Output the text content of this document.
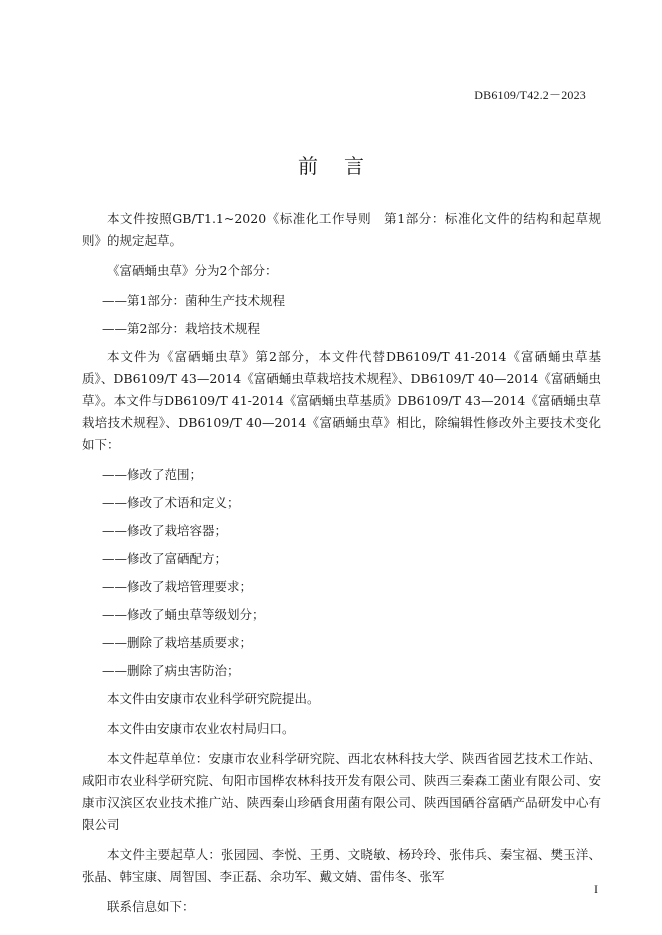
DB6109/T42.2－2023
前言

本文件按照GB/T1.1~2020《标准化工作导则　第1部分：标准化文件的结构和起草规则》的规定起草。

《富硒蛹虫草》分为2个部分：

——第1部分：菌种生产技术规程

——第2部分：栽培技术规程

本文件为《富硒蛹虫草》第2部分，本文件代替DB6109/T 41-2014《富硒蛹虫草基质》、DB6109/T 43—2014《富硒蛹虫草栽培技术规程》、DB6109/T 40—2014《富硒蛹虫草》。本文件与DB6109/T 41-2014《富硒蛹虫草基质》DB6109/T 43—2014《富硒蛹虫草栽培技术规程》、DB6109/T 40—2014《富硒蛹虫草》相比，除编辑性修改外主要技术变化如下：

——修改了范围；

——修改了术语和定义；

——修改了栽培容器；

——修改了富硒配方；

——修改了栽培管理要求；

——修改了蛹虫草等级划分；

——删除了栽培基质要求；

——删除了病虫害防治；

本文件由安康市农业科学研究院提出。

本文件由安康市农业农村局归口。

本文件起草单位：安康市农业科学研究院、西北农林科技大学、陕西省园艺技术工作站、咸阳市农业科学研究院、旬阳市国桦农林科技开发有限公司、陕西三秦森工菌业有限公司、安康市汉滨区农业技术推广站、陕西秦山珍硒食用菌有限公司、陕西国硒谷富硒产品研发中心有限公司

本文件主要起草人：张园园、李悦、王勇、文晓敏、杨玲玲、张伟兵、秦宝福、樊玉洋、张晶、韩宝康、周智国、李正磊、余功军、戴文婧、雷伟冬、张军

联系信息如下：

I
